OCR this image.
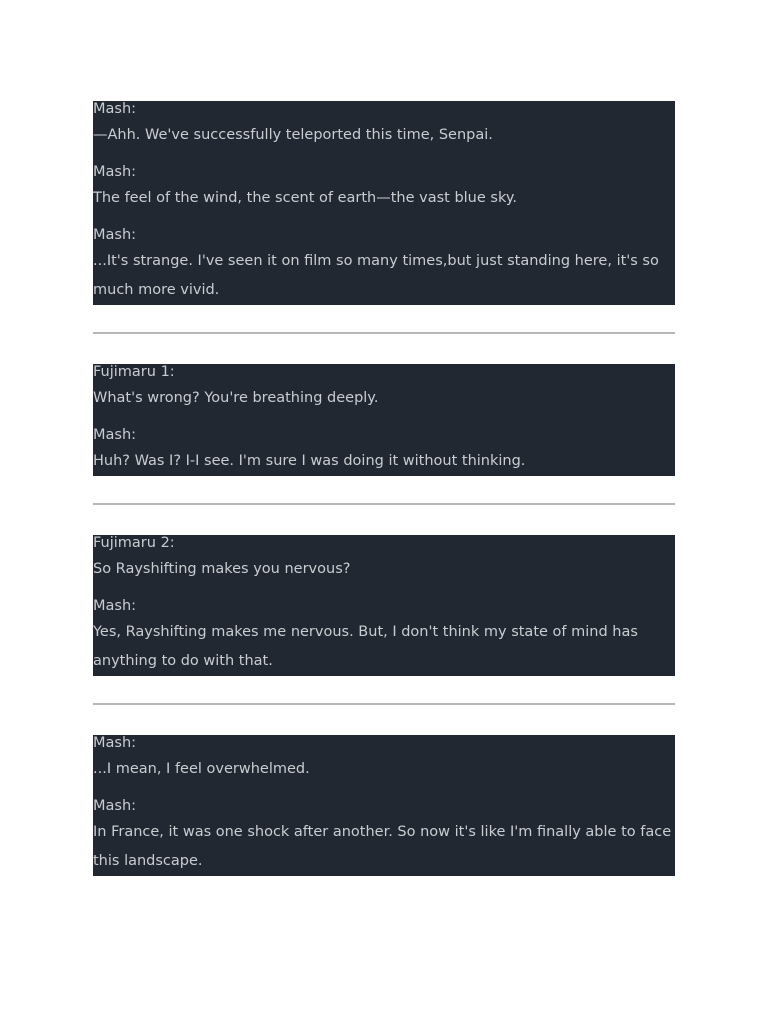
Mash:
—Ahh. We've successfully teleported this time, Senpai.
Mash:
The feel of the wind, the scent of earth—the vast blue sky.
Mash:
...It's strange. I've seen it on film so many times,but just standing here, it's so much more vivid.
Fujimaru 1:
What's wrong? You're breathing deeply.
Mash:
Huh? Was I? I-I see. I'm sure I was doing it without thinking.
Fujimaru 2:
So Rayshifting makes you nervous?
Mash:
Yes, Rayshifting makes me nervous. But, I don't think my state of mind has anything to do with that.
Mash:
...I mean, I feel overwhelmed.
Mash:
In France, it was one shock after another. So now it's like I'm finally able to face this landscape.
